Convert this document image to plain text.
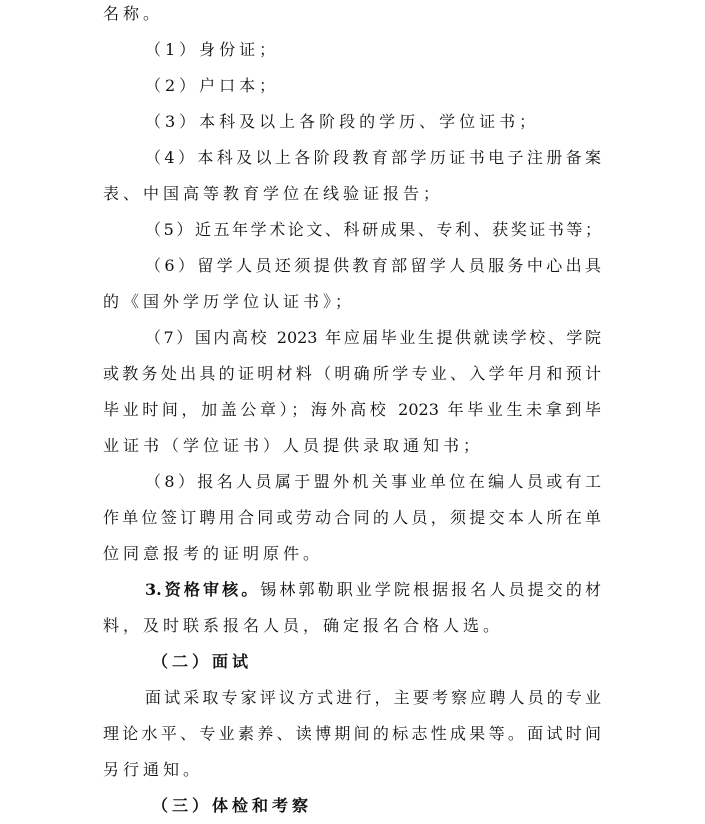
名称。
（1）身份证；
（2）户口本；
（3）本科及以上各阶段的学历、学位证书；
（4）本科及以上各阶段教育部学历证书电子注册备案
表、中国高等教育学位在线验证报告；
（5）近五年学术论文、科研成果、专利、获奖证书等；
（6）留学人员还须提供教育部留学人员服务中心出具
的《国外学历学位认证书》；
（7）国内高校 2023 年应届毕业生提供就读学校、学院
或教务处出具的证明材料（明确所学专业、入学年月和预计
毕业时间，加盖公章）；海外高校 2023 年毕业生未拿到毕
业证书（学位证书）人员提供录取通知书；
（8）报名人员属于盟外机关事业单位在编人员或有工
作单位签订聘用合同或劳动合同的人员，须提交本人所在单
位同意报考的证明原件。
3.资格审核。锡林郭勒职业学院根据报名人员提交的材
料，及时联系报名人员，确定报名合格人选。
（二）面试
面试采取专家评议方式进行，主要考察应聘人员的专业
理论水平、专业素养、读博期间的标志性成果等。面试时间
另行通知。
（三）体检和考察
